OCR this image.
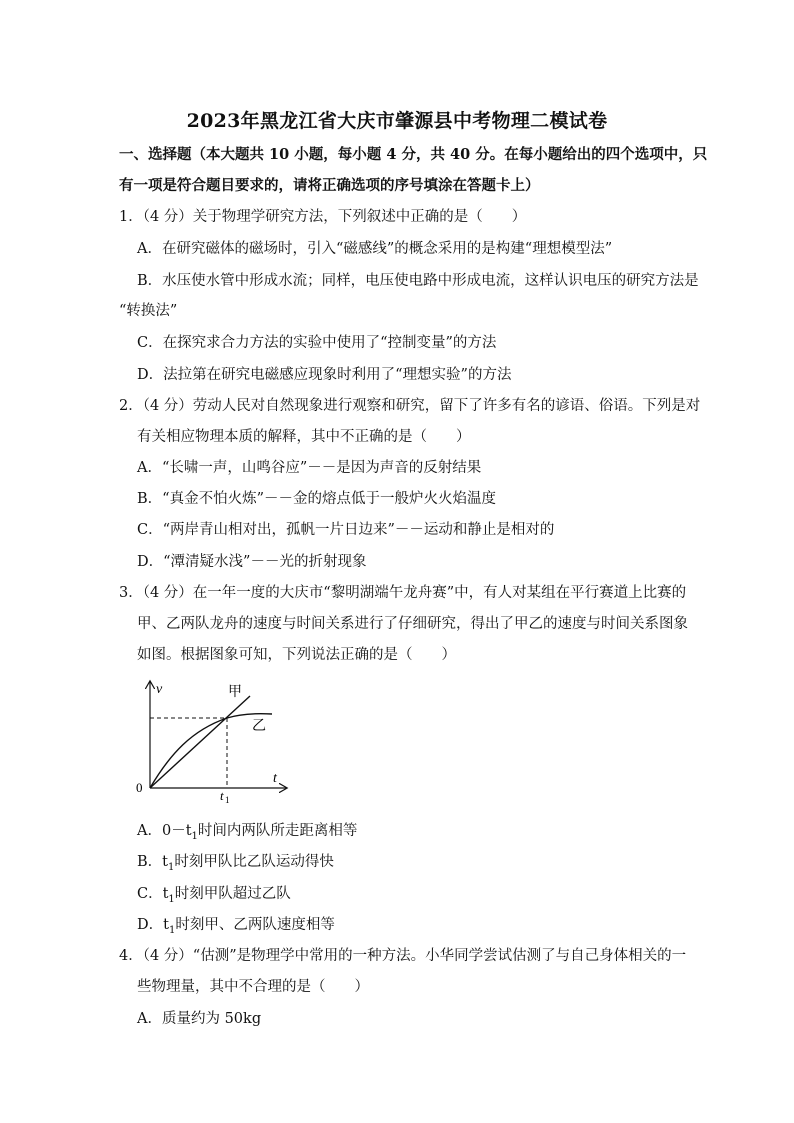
2023年黑龙江省大庆市肇源县中考物理二模试卷
一、选择题（本大题共 10 小题，每小题 4 分，共 40 分。在每小题给出的四个选项中，只
有一项是符合题目要求的，请将正确选项的序号填涂在答题卡上）
1．（4 分）关于物理学研究方法，下列叙述中正确的是（　　）
A．在研究磁体的磁场时，引入“磁感线”的概念采用的是构建“理想模型法”
B．水压使水管中形成水流；同样，电压使电路中形成电流，这样认识电压的研究方法是
“转换法”
C．在探究求合力方法的实验中使用了“控制变量”的方法
D．法拉第在研究电磁感应现象时利用了“理想实验”的方法
2．（4 分）劳动人民对自然现象进行观察和研究，留下了许多有名的谚语、俗语。下列是对
有关相应物理本质的解释，其中不正确的是（　　）
A．“长啸一声，山鸣谷应”－－是因为声音的反射结果
B．“真金不怕火炼”－－金的熔点低于一般炉火火焰温度
C．“两岸青山相对出，孤帆一片日边来”－－运动和静止是相对的
D．“潭清疑水浅”－－光的折射现象
3．（4 分）在一年一度的大庆市“黎明湖端午龙舟赛”中，有人对某组在平行赛道上比赛的
甲、乙两队龙舟的速度与时间关系进行了仔细研究，得出了甲乙的速度与时间关系图象
如图。根据图象可知，下列说法正确的是（　　）
v
t
0
t 1
甲
乙
A．$0-t_1$时间内两队所走距离相等
B．$t_1$时刻甲队比乙队运动得快
C．$t_1$时刻甲队超过乙队
D．$t_1$时刻甲、乙两队速度相等
4．（4 分）“估测”是物理学中常用的一种方法。小华同学尝试估测了与自己身体相关的一
些物理量，其中不合理的是（　　）
A．质量约为 50kg
